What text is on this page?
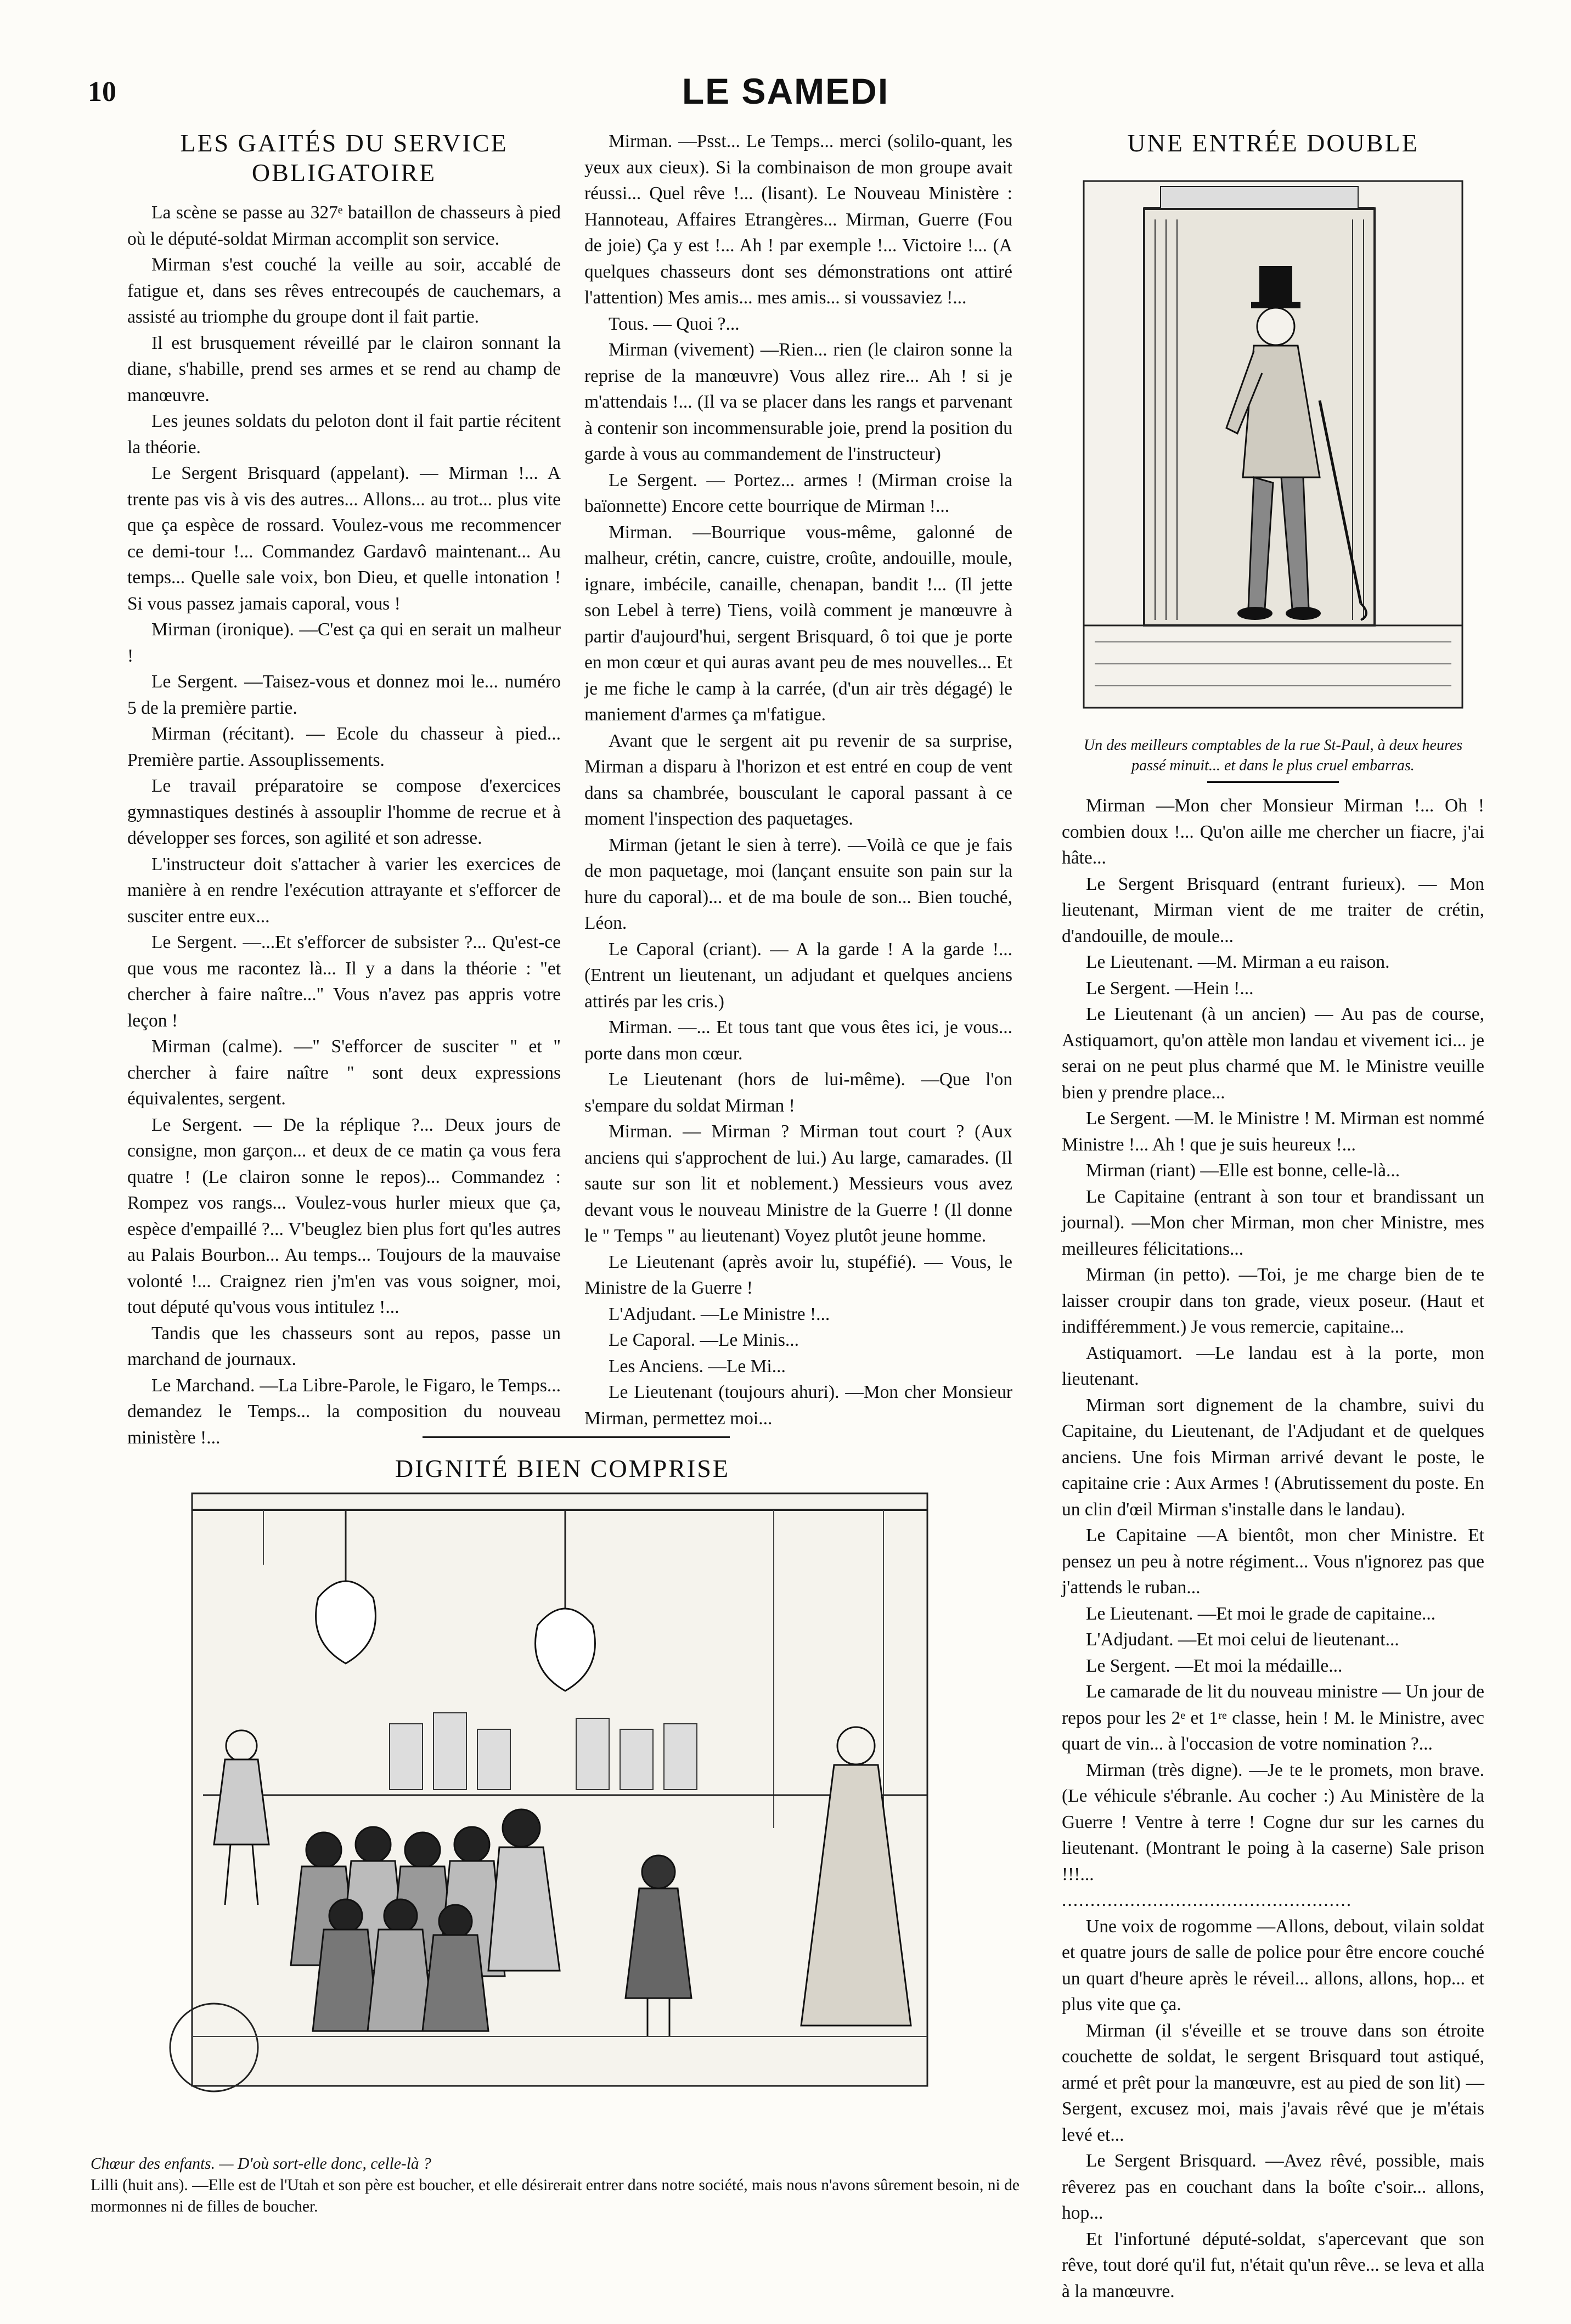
10	LE SAMEDI
LES GAITÉS DU SERVICE OBLIGATOIRE

La scène se passe au 327ᵉ bataillon de chasseurs à pied où le député-soldat Mirman accomplit son service.

Mirman s'est couché la veille au soir, accablé de fatigue et, dans ses rêves entrecoupés de cauchemars, a assisté au triomphe du groupe dont il fait partie.

Il est brusquement réveillé par le clairon sonnant la diane, s'habille, prend ses armes et se rend au champ de manœuvre.

Les jeunes soldats du peloton dont il fait partie récitent la théorie.

Le Sergent Brisquard (appelant). — Mirman !... A trente pas vis à vis des autres... Allons... au trot... plus vite que ça espèce de rossard. Voulez-vous me recommencer ce demi-tour !... Commandez Gardavô maintenant... Au temps... Quelle sale voix, bon Dieu, et quelle intonation ! Si vous passez jamais caporal, vous !

Mirman (ironique). —C'est ça qui en serait un malheur !

Le Sergent. —Taisez-vous et donnez moi le... numéro 5 de la première partie.

Mirman (récitant). — Ecole du chasseur à pied... Première partie. Assouplissements.

Le travail préparatoire se compose d'exercices gymnastiques destinés à assouplir l'homme de recrue et à développer ses forces, son agilité et son adresse.

L'instructeur doit s'attacher à varier les exercices de manière à en rendre l'exécution attrayante et s'efforcer de susciter entre eux...

Le Sergent. —...Et s'efforcer de subsister ?... Qu'est-ce que vous me racontez là... Il y a dans la théorie : "et chercher à faire naître..." Vous n'avez pas appris votre leçon !

Mirman (calme). —" S'efforcer de susciter " et " chercher à faire naître " sont deux expressions équivalentes, sergent.

Le Sergent. — De la réplique ?... Deux jours de consigne, mon garçon... et deux de ce matin ça vous fera quatre ! (Le clairon sonne le repos)... Commandez : Rompez vos rangs... Voulez-vous hurler mieux que ça, espèce d'empaillé ?... V'beuglez bien plus fort qu'les autres au Palais Bourbon... Au temps... Toujours de la mauvaise volonté !... Craignez rien j'm'en vas vous soigner, moi, tout député qu'vous vous intitulez !...

Tandis que les chasseurs sont au repos, passe un marchand de journaux.

Le Marchand. —La Libre-Parole, le Figaro, le Temps... demandez le Temps... la composition du nouveau ministère !...

Mirman. —Psst... Le Temps... merci (solilo-quant, les yeux aux cieux). Si la combinaison de mon groupe avait réussi... Quel rêve !... (lisant). Le Nouveau Ministère : Hannoteau, Affaires Etrangères... Mirman, Guerre (Fou de joie) Ça y est !... Ah ! par exemple !... Victoire !... (A quelques chasseurs dont ses démonstrations ont attiré l'attention) Mes amis... mes amis... si voussaviez !...

Tous. — Quoi ?...

Mirman (vivement) —Rien... rien (le clairon sonne la reprise de la manœuvre) Vous allez rire... Ah ! si je m'attendais !... (Il va se placer dans les rangs et parvenant à contenir son incommensurable joie, prend la position du garde à vous au commandement de l'instructeur)

Le Sergent. — Portez... armes ! (Mirman croise la baïonnette) Encore cette bourrique de Mirman !...

Mirman. —Bourrique vous-même, galonné de malheur, crétin, cancre, cuistre, croûte, andouille, moule, ignare, imbécile, canaille, chenapan, bandit !... (Il jette son Lebel à terre) Tiens, voilà comment je manœuvre à partir d'aujourd'hui, sergent Brisquard, ô toi que je porte en mon cœur et qui auras avant peu de mes nouvelles... Et je me fiche le camp à la carrée, (d'un air très dégagé) le maniement d'armes ça m'fatigue.

Avant que le sergent ait pu revenir de sa surprise, Mirman a disparu à l'horizon et est entré en coup de vent dans sa chambrée, bousculant le caporal passant à ce moment l'inspection des paquetages.

Mirman (jetant le sien à terre). —Voilà ce que je fais de mon paquetage, moi (lançant ensuite son pain sur la hure du caporal)... et de ma boule de son... Bien touché, Léon.

Le Caporal (criant). — A la garde ! A la garde !... (Entrent un lieutenant, un adjudant et quelques anciens attirés par les cris.)

Mirman. —... Et tous tant que vous êtes ici, je vous... porte dans mon cœur.

Le Lieutenant (hors de lui-même). —Que l'on s'empare du soldat Mirman !

Mirman. — Mirman ? Mirman tout court ? (Aux anciens qui s'approchent de lui.) Au large, camarades. (Il saute sur son lit et noblement.) Messieurs vous avez devant vous le nouveau Ministre de la Guerre ! (Il donne le " Temps " au lieutenant) Voyez plutôt jeune homme.

Le Lieutenant (après avoir lu, stupéfié). — Vous, le Ministre de la Guerre !

L'Adjudant. —Le Ministre !...

Le Caporal. —Le Minis...

Les Anciens. —Le Mi...

Le Lieutenant (toujours ahuri). —Mon cher Monsieur Mirman, permettez moi...

UNE ENTRÉE DOUBLE
Un des meilleurs comptables de la rue St-Paul, à deux heures passé minuit... et dans le plus cruel embarras.

Mirman —Mon cher Monsieur Mirman !... Oh ! combien doux !... Qu'on aille me chercher un fiacre, j'ai hâte...

Le Sergent Brisquard (entrant furieux). — Mon lieutenant, Mirman vient de me traiter de crétin, d'andouille, de moule...

Le Lieutenant. —M. Mirman a eu raison.

Le Sergent. —Hein !...

Le Lieutenant (à un ancien) — Au pas de course, Astiquamort, qu'on attèle mon landau et vivement ici... je serai on ne peut plus charmé que M. le Ministre veuille bien y prendre place...

Le Sergent. —M. le Ministre ! M. Mirman est nommé Ministre !... Ah ! que je suis heureux !...

Mirman (riant) —Elle est bonne, celle-là...

Le Capitaine (entrant à son tour et brandissant un journal). —Mon cher Mirman, mon cher Ministre, mes meilleures félicitations...

Mirman (in petto). —Toi, je me charge bien de te laisser croupir dans ton grade, vieux poseur. (Haut et indifféremment.) Je vous remercie, capitaine...

Astiquamort. —Le landau est à la porte, mon lieutenant.

Mirman sort dignement de la chambre, suivi du Capitaine, du Lieutenant, de l'Adjudant et de quelques anciens. Une fois Mirman arrivé devant le poste, le capitaine crie : Aux Armes ! (Abrutissement du poste. En un clin d'œil Mirman s'installe dans le landau).

Le Capitaine —A bientôt, mon cher Ministre. Et pensez un peu à notre régiment... Vous n'ignorez pas que j'attends le ruban...

Le Lieutenant. —Et moi le grade de capitaine...

L'Adjudant. —Et moi celui de lieutenant...

Le Sergent. —Et moi la médaille...

Le camarade de lit du nouveau ministre — Un jour de repos pour les 2ᵉ et 1ʳᵉ classe, hein ! M. le Ministre, avec quart de vin... à l'occasion de votre nomination ?...

Mirman (très digne). —Je te le promets, mon brave. (Le véhicule s'ébranle. Au cocher :) Au Ministère de la Guerre ! Ventre à terre ! Cogne dur sur les carnes du lieutenant. (Montrant le poing à la caserne) Sale prison !!!...

...................................................

Une voix de rogomme —Allons, debout, vilain soldat et quatre jours de salle de police pour être encore couché un quart d'heure après le réveil... allons, allons, hop... et plus vite que ça.

Mirman (il s'éveille et se trouve dans son étroite couchette de soldat, le sergent Brisquard tout astiqué, armé et prêt pour la manœuvre, est au pied de son lit) —Sergent, excusez moi, mais j'avais rêvé que je m'étais levé et...

Le Sergent Brisquard. —Avez rêvé, possible, mais rêverez pas en couchant dans la boîte c'soir... allons, hop...

Et l'infortuné député-soldat, s'apercevant que son rêve, tout doré qu'il fut, n'était qu'un rêve... se leva et alla à la manœuvre.

DIGNITÉ BIEN COMPRISE
Chœur des enfants. — D'où sort-elle donc, celle-là ?
Lilli (huit ans). —Elle est de l'Utah et son père est boucher, et elle désirerait entrer dans notre société, mais nous n'avons sûrement besoin, ni de mormonnes ni de filles de boucher.
